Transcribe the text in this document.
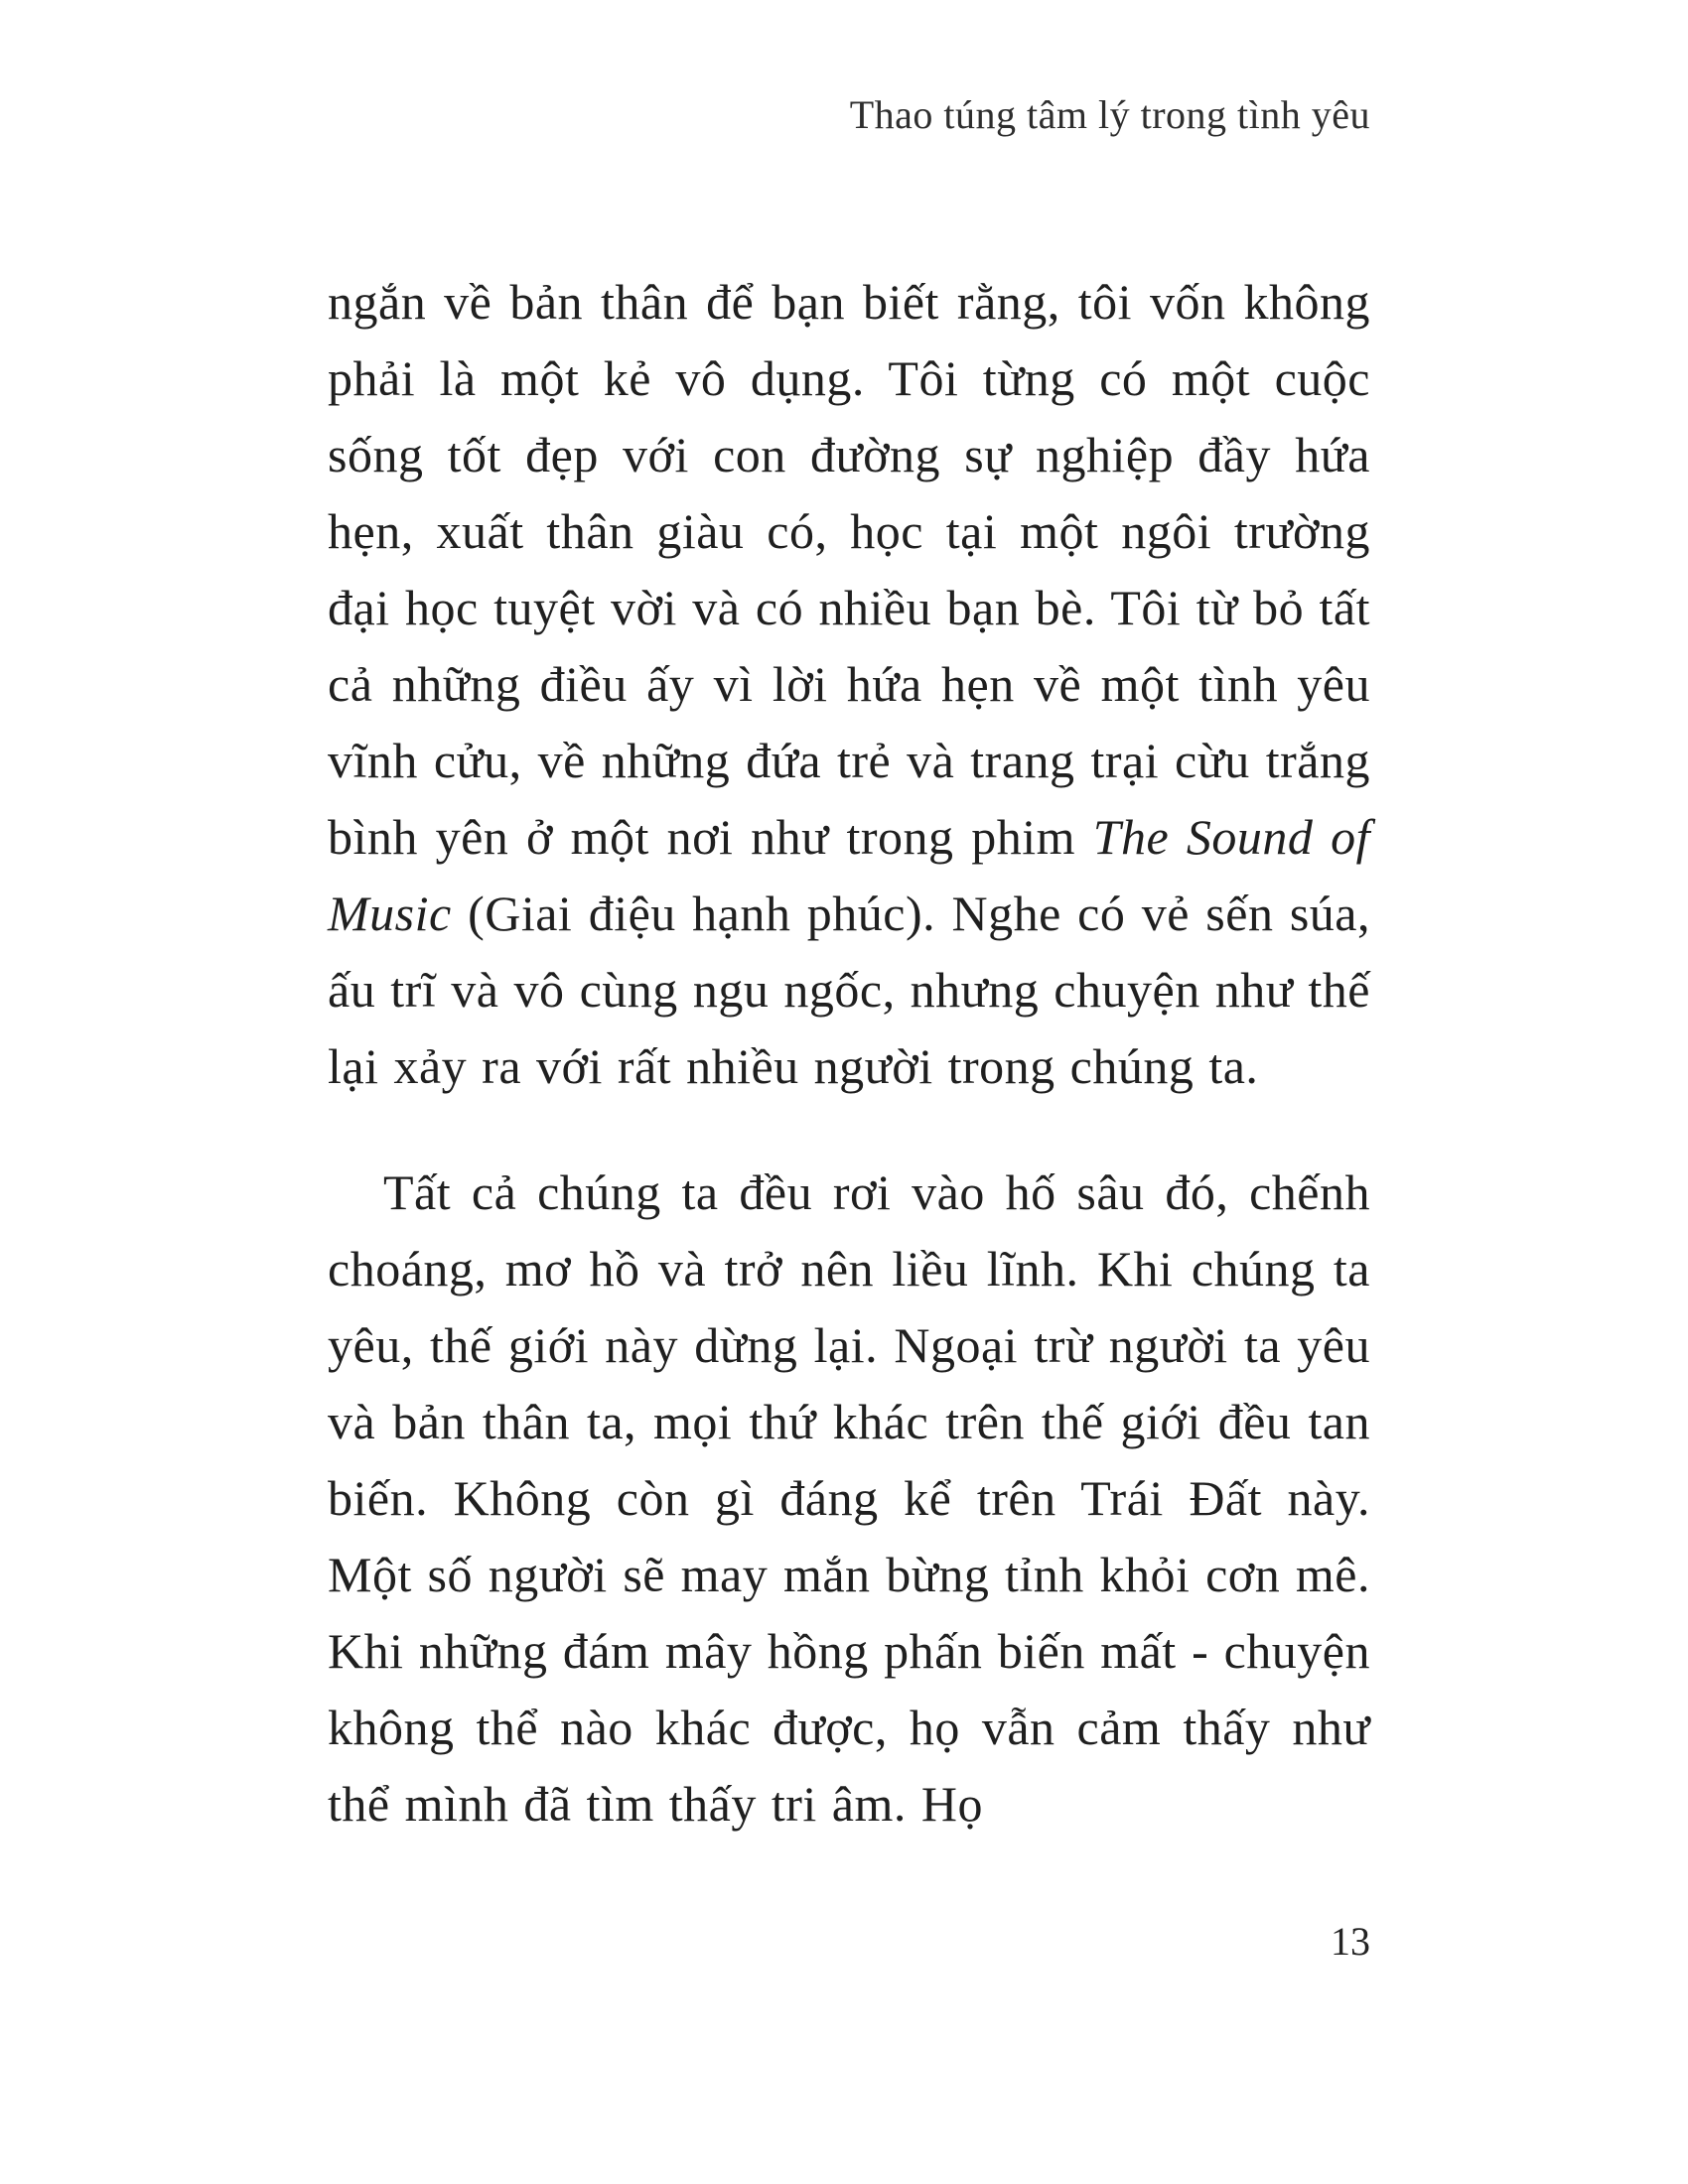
Thao túng tâm lý trong tình yêu

ngắn về bản thân để bạn biết rằng, tôi vốn không phải là một kẻ vô dụng. Tôi từng có một cuộc sống tốt đẹp với con đường sự nghiệp đầy hứa hẹn, xuất thân giàu có, học tại một ngôi trường đại học tuyệt vời và có nhiều bạn bè. Tôi từ bỏ tất cả những điều ấy vì lời hứa hẹn về một tình yêu vĩnh cửu, về những đứa trẻ và trang trại cừu trắng bình yên ở một nơi như trong phim The Sound of Music (Giai điệu hạnh phúc). Nghe có vẻ sến súa, ấu trĩ và vô cùng ngu ngốc, nhưng chuyện như thế lại xảy ra với rất nhiều người trong chúng ta.

Tất cả chúng ta đều rơi vào hố sâu đó, chếnh choáng, mơ hồ và trở nên liều lĩnh. Khi chúng ta yêu, thế giới này dừng lại. Ngoại trừ người ta yêu và bản thân ta, mọi thứ khác trên thế giới đều tan biến. Không còn gì đáng kể trên Trái Đất này. Một số người sẽ may mắn bừng tỉnh khỏi cơn mê. Khi những đám mây hồng phấn biến mất - chuyện không thể nào khác được, họ vẫn cảm thấy như thể mình đã tìm thấy tri âm. Họ

13
